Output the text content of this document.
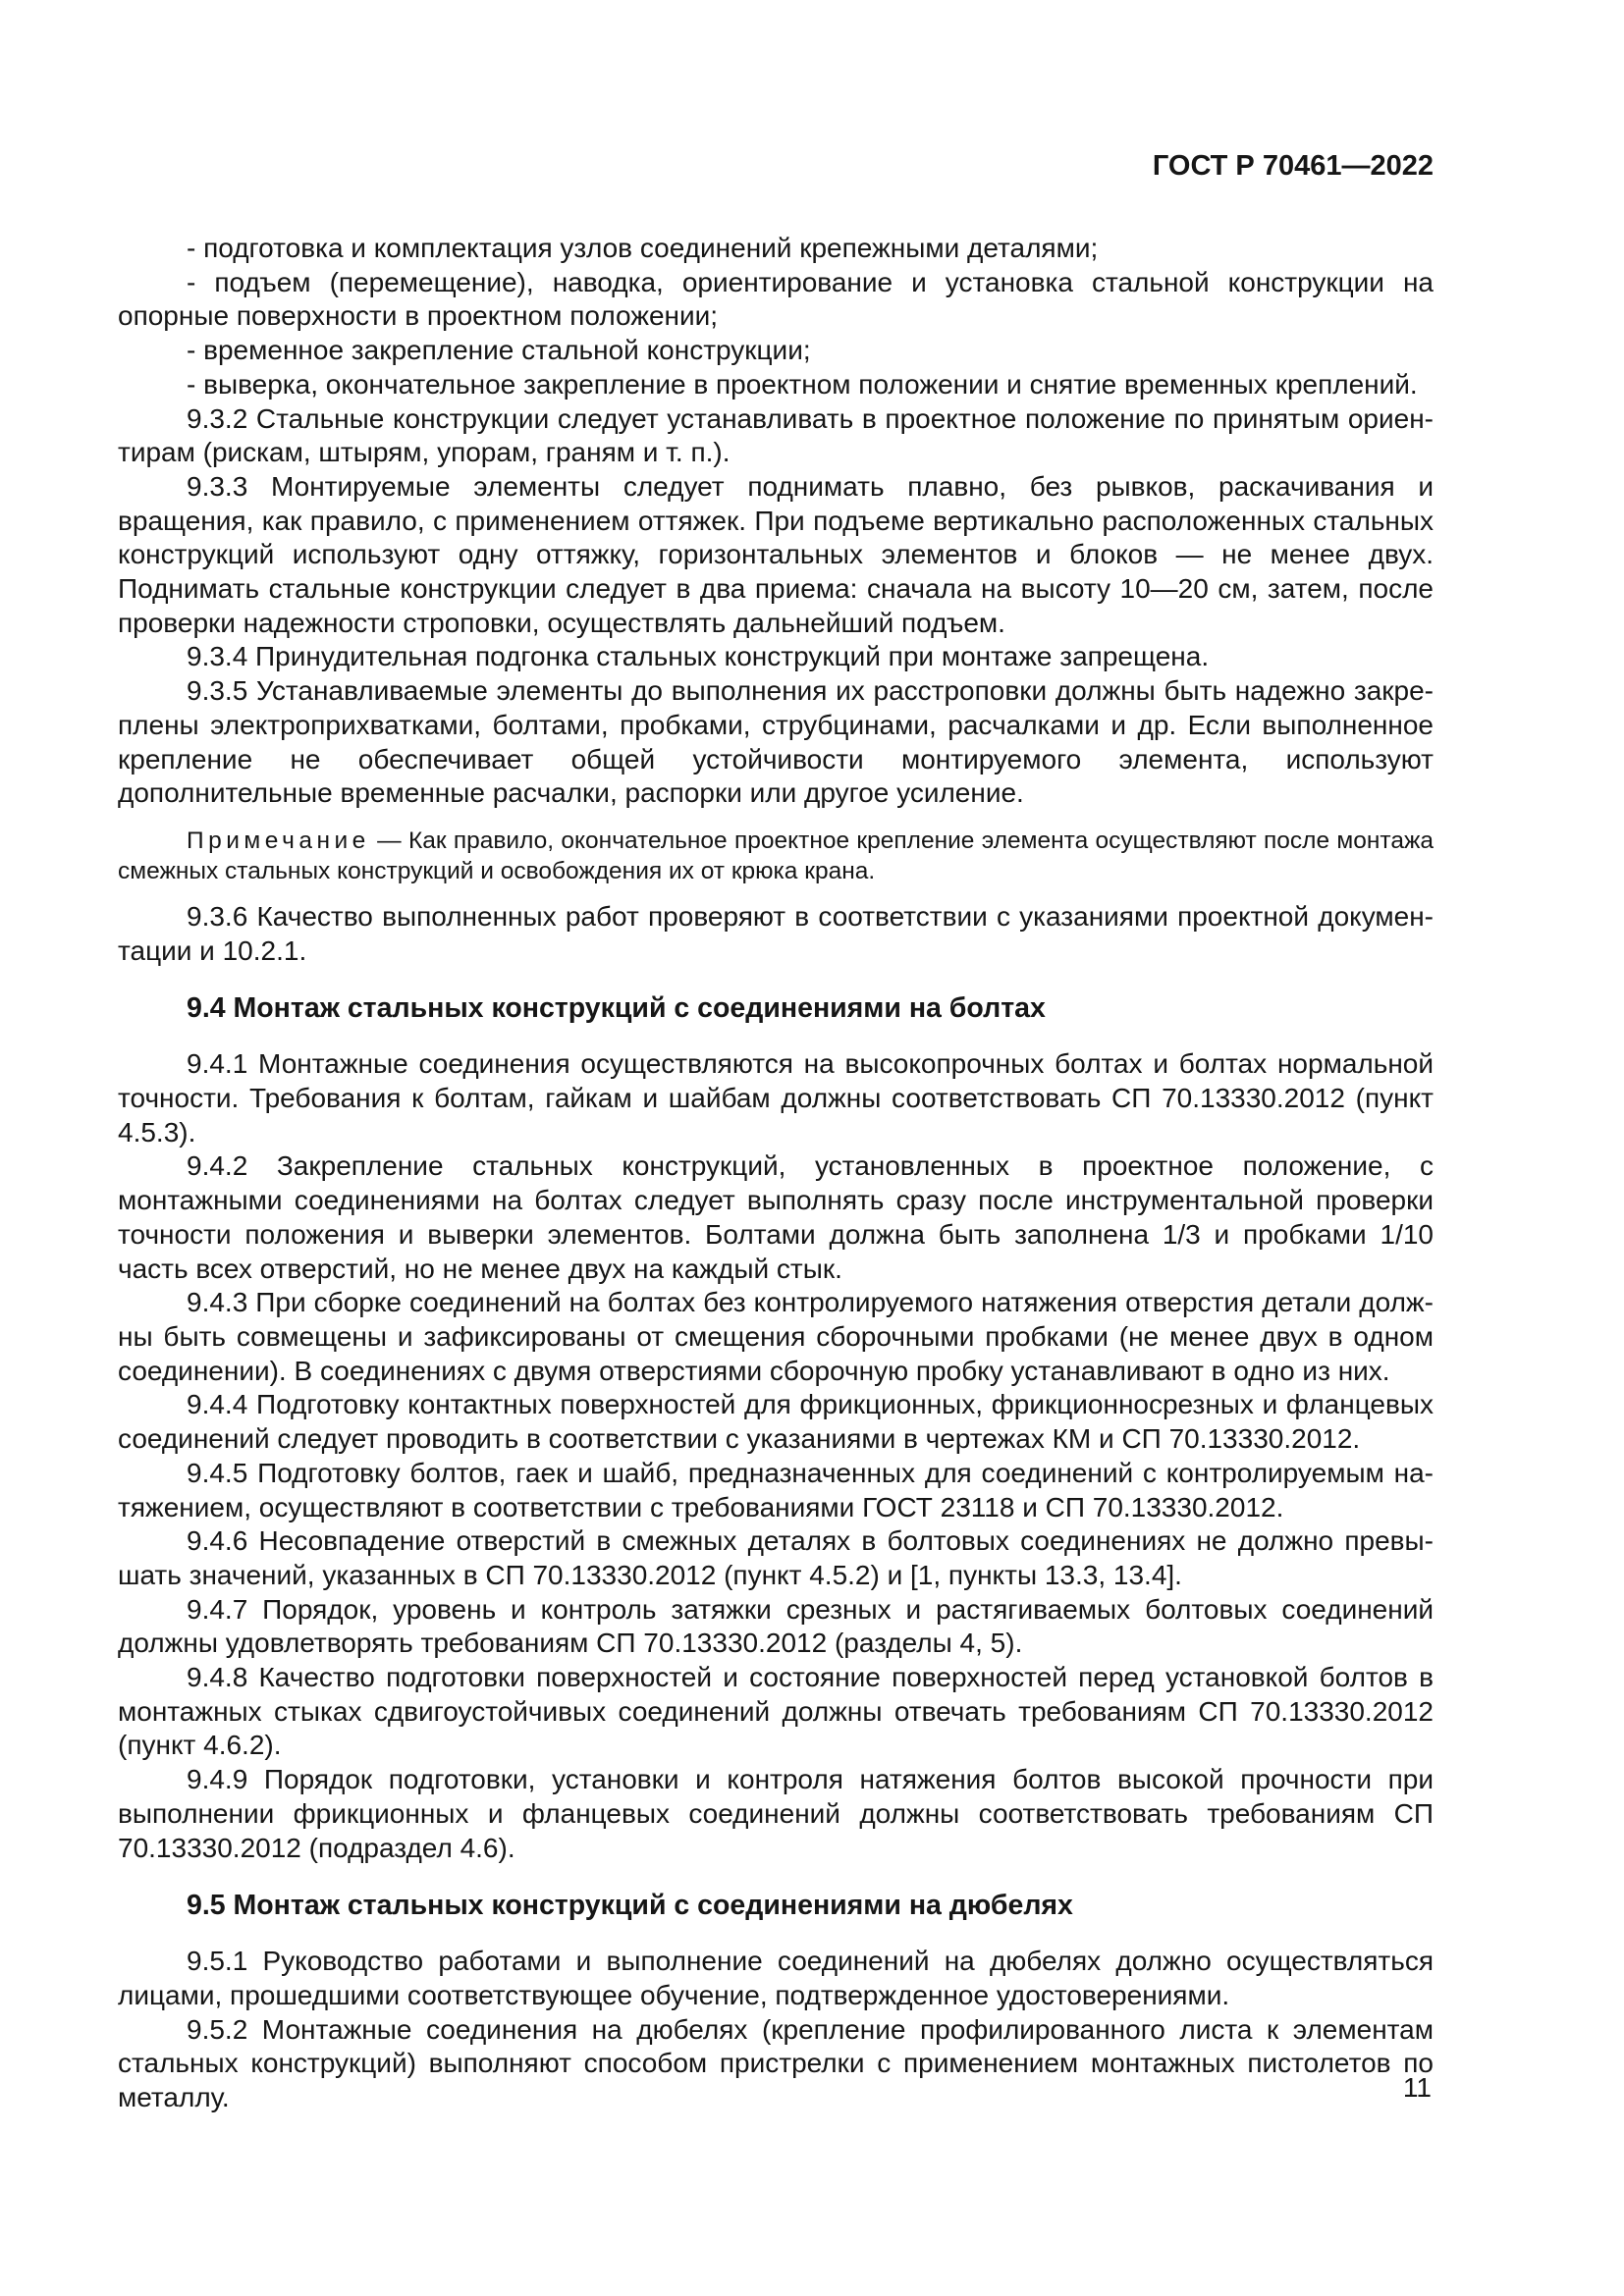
ГОСТ Р 70461—2022

- подготовка и комплектация узлов соединений крепежными деталями;

- подъем (перемещение), наводка, ориентирование и установка стальной конструкции на опорные поверхности в проектном положении;

- временное закрепление стальной конструкции;

- выверка, окончательное закрепление в проектном положении и снятие временных креплений.

9.3.2 Стальные конструкции следует устанавливать в проектное положение по принятым ориентирам (рискам, штырям, упорам, граням и т. п.).

9.3.3 Монтируемые элементы следует поднимать плавно, без рывков, раскачивания и вращения, как правило, с применением оттяжек. При подъеме вертикально расположенных стальных конструкций используют одну оттяжку, горизонтальных элементов и блоков — не менее двух. Поднимать стальные конструкции следует в два приема: сначала на высоту 10—20 см, затем, после проверки надежности строповки, осуществлять дальнейший подъем.

9.3.4 Принудительная подгонка стальных конструкций при монтаже запрещена.

9.3.5 Устанавливаемые элементы до выполнения их расстроповки должны быть надежно закреплены электроприхватками, болтами, пробками, струбцинами, расчалками и др. Если выполненное крепление не обеспечивает общей устойчивости монтируемого элемента, используют дополнительные временные расчалки, распорки или другое усиление.

Примечание — Как правило, окончательное проектное крепление элемента осуществляют после монтажа смежных стальных конструкций и освобождения их от крюка крана.

9.3.6 Качество выполненных работ проверяют в соответствии с указаниями проектной документации и 10.2.1.

9.4 Монтаж стальных конструкций с соединениями на болтах

9.4.1 Монтажные соединения осуществляются на высокопрочных болтах и болтах нормальной точности. Требования к болтам, гайкам и шайбам должны соответствовать СП 70.13330.2012 (пункт 4.5.3).

9.4.2 Закрепление стальных конструкций, установленных в проектное положение, с монтажными соединениями на болтах следует выполнять сразу после инструментальной проверки точности положения и выверки элементов. Болтами должна быть заполнена 1/3 и пробками 1/10 часть всех отверстий, но не менее двух на каждый стык.

9.4.3 При сборке соединений на болтах без контролируемого натяжения отверстия детали должны быть совмещены и зафиксированы от смещения сборочными пробками (не менее двух в одном соединении). В соединениях с двумя отверстиями сборочную пробку устанавливают в одно из них.

9.4.4 Подготовку контактных поверхностей для фрикционных, фрикционносрезных и фланцевых соединений следует проводить в соответствии с указаниями в чертежах КМ и СП 70.13330.2012.

9.4.5 Подготовку болтов, гаек и шайб, предназначенных для соединений с контролируемым натяжением, осуществляют в соответствии с требованиями ГОСТ 23118 и СП 70.13330.2012.

9.4.6 Несовпадение отверстий в смежных деталях в болтовых соединениях не должно превышать значений, указанных в СП 70.13330.2012 (пункт 4.5.2) и [1, пункты 13.3, 13.4].

9.4.7 Порядок, уровень и контроль затяжки срезных и растягиваемых болтовых соединений должны удовлетворять требованиям СП 70.13330.2012 (разделы 4, 5).

9.4.8 Качество подготовки поверхностей и состояние поверхностей перед установкой болтов в монтажных стыках сдвигоустойчивых соединений должны отвечать требованиям СП 70.13330.2012 (пункт 4.6.2).

9.4.9 Порядок подготовки, установки и контроля натяжения болтов высокой прочности при выполнении фрикционных и фланцевых соединений должны соответствовать требованиям СП 70.13330.2012 (подраздел 4.6).

9.5 Монтаж стальных конструкций с соединениями на дюбелях

9.5.1 Руководство работами и выполнение соединений на дюбелях должно осуществляться лицами, прошедшими соответствующее обучение, подтвержденное удостоверениями.

9.5.2 Монтажные соединения на дюбелях (крепление профилированного листа к элементам стальных конструкций) выполняют способом пристрелки с применением монтажных пистолетов по металлу.	11
